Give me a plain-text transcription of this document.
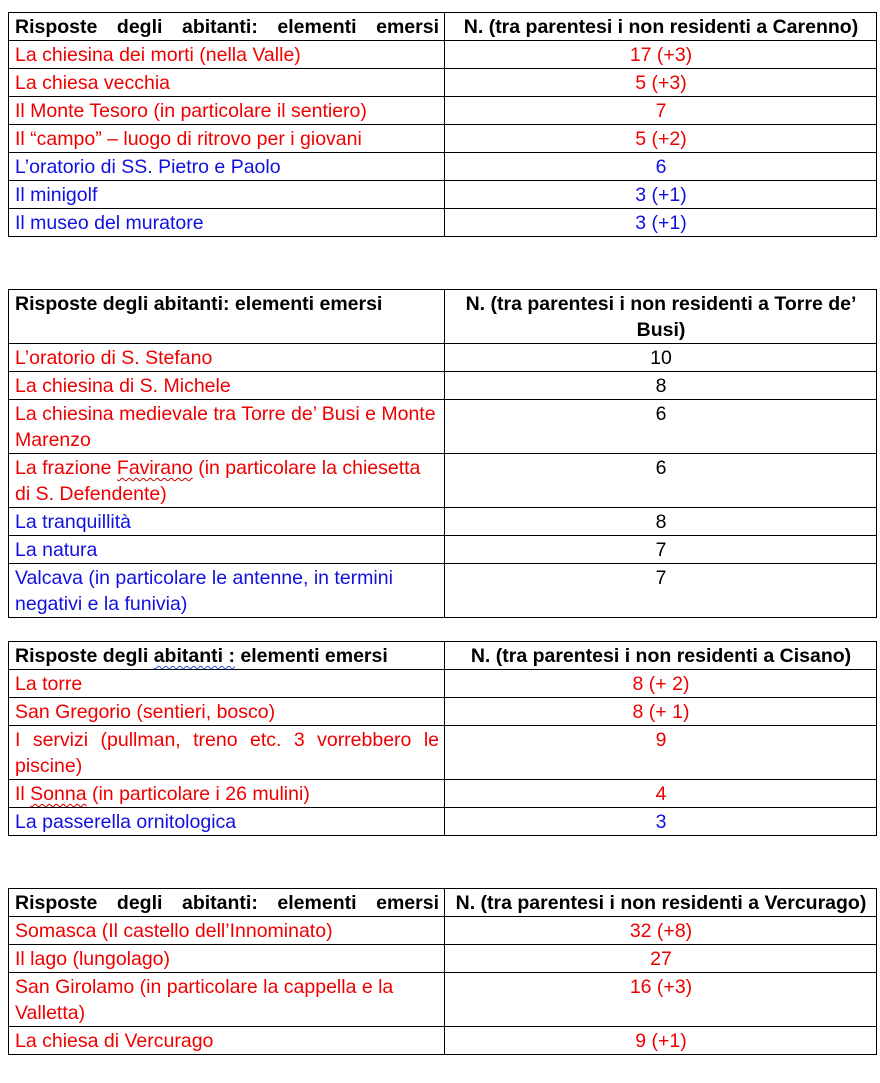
Risposte degli abitanti: elementi emersi	N. (tra parentesi i non residenti a Carenno)
La chiesina dei morti (nella Valle)	17 (+3)
La chiesa vecchia	5 (+3)
Il Monte Tesoro (in particolare il sentiero)	7
Il “campo” – luogo di ritrovo per i giovani	5 (+2)
L’oratorio di SS. Pietro e Paolo	6
Il minigolf	3 (+1)
Il museo del muratore	3 (+1)
Risposte degli abitanti: elementi emersi	N. (tra parentesi i non residenti a Torre de’ Busi)
L’oratorio di S. Stefano	10
La chiesina di S. Michele	8
La chiesina medievale tra Torre de’ Busi e Monte Marenzo	6
La frazione Favirano (in particolare la chiesetta di S. Defendente)	6
La tranquillità	8
La natura	7
Valcava (in particolare le antenne, in termini negativi e la funivia)	7
Risposte degli abitanti : elementi emersi	N. (tra parentesi i non residenti a Cisano)
La torre	8 (+ 2)
San Gregorio (sentieri, bosco)	8 (+ 1)
I servizi (pullman, treno etc. 3 vorrebbero le piscine)	9
Il Sonna (in particolare i 26 mulini)	4
La passerella ornitologica	3
Risposte degli abitanti: elementi emersi	N. (tra parentesi i non residenti a Vercurago)
Somasca (Il castello dell’Innominato)	32 (+8)
Il lago (lungolago)	27
San Girolamo (in particolare la cappella e la Valletta)	16 (+3)
La chiesa di Vercurago	9 (+1)
